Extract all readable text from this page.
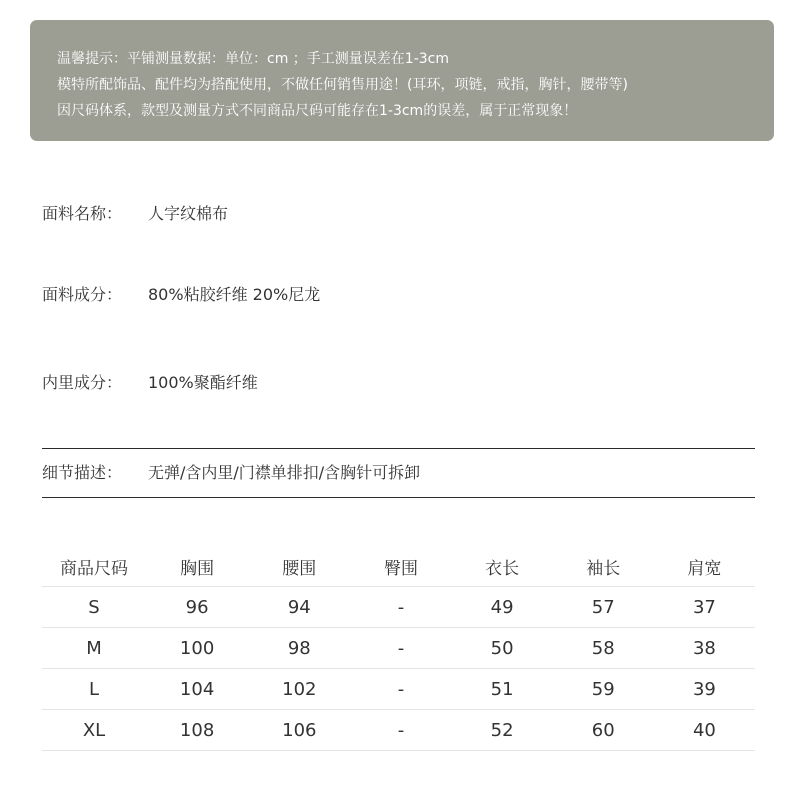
温馨提示：平铺测量数据：单位：cm ；手工测量误差在1-3cm
模特所配饰品、配件均为搭配使用，不做任何销售用途！(耳环，项链，戒指，胸针，腰带等)
因尺码体系，款型及测量方式不同商品尺码可能存在1-3cm的误差，属于正常现象！
面料名称： 人字纹棉布
面料成分： 80%粘胶纤维 20%尼龙
内里成分： 100%聚酯纤维
细节描述： 无弹/含内里/门襟单排扣/含胸针可拆卸
商品尺码	胸围	腰围	臀围	衣长	袖长	肩宽
S	96	94	-	49	57	37
M	100	98	-	50	58	38
L	104	102	-	51	59	39
XL	108	106	-	52	60	40
